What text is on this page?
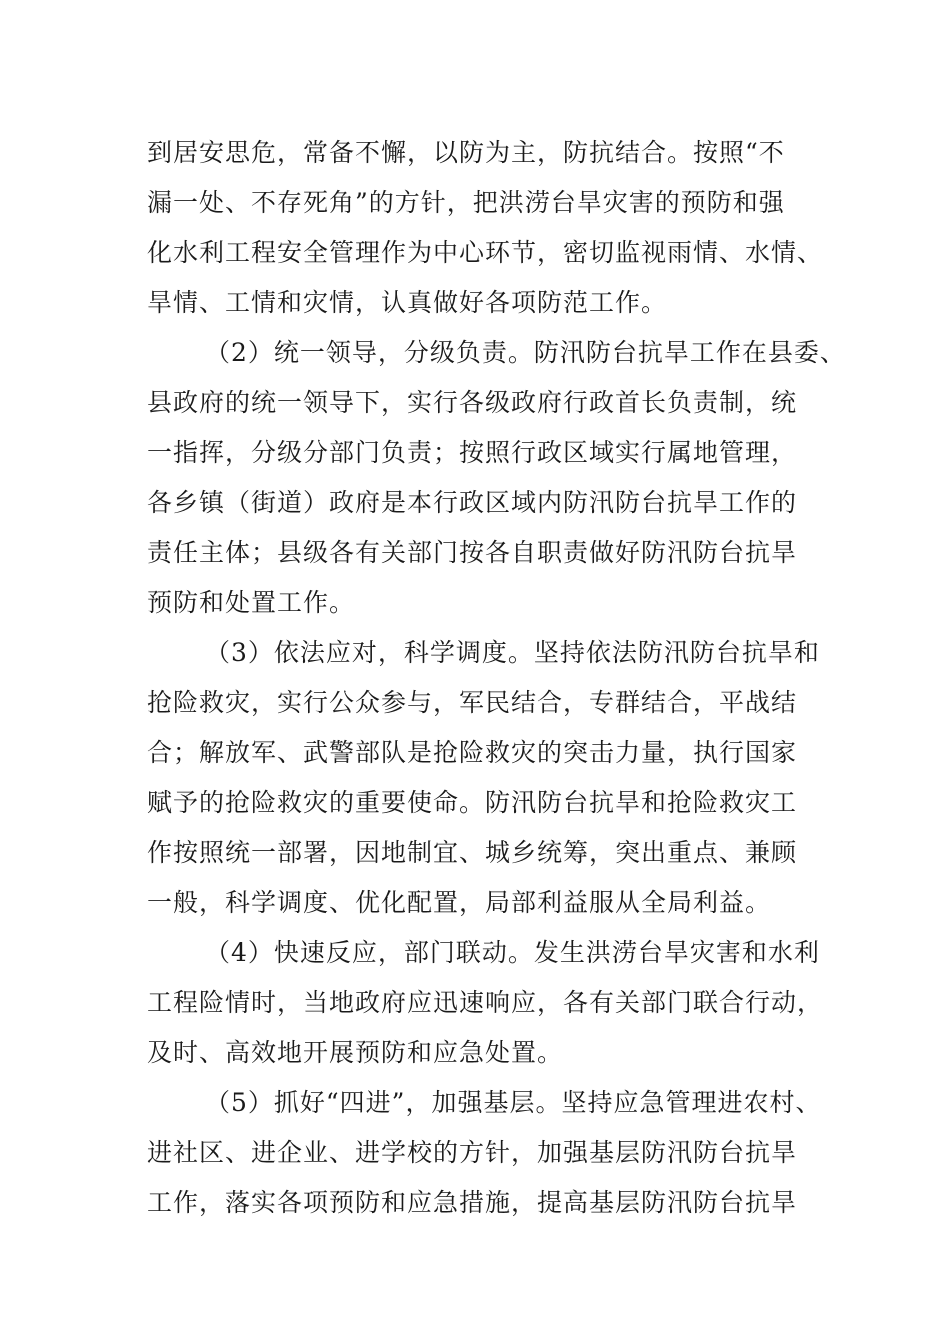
到居安思危，常备不懈，以防为主，防抗结合。按照“不
漏一处、不存死角”的方针，把洪涝台旱灾害的预防和强
化水利工程安全管理作为中心环节，密切监视雨情、水情、
旱情、工情和灾情，认真做好各项防范工作。
（2）统一领导，分级负责。防汛防台抗旱工作在县委、
县政府的统一领导下，实行各级政府行政首长负责制，统
一指挥，分级分部门负责；按照行政区域实行属地管理，
各乡镇（街道）政府是本行政区域内防汛防台抗旱工作的
责任主体；县级各有关部门按各自职责做好防汛防台抗旱
预防和处置工作。
（3）依法应对，科学调度。坚持依法防汛防台抗旱和
抢险救灾，实行公众参与，军民结合，专群结合，平战结
合；解放军、武警部队是抢险救灾的突击力量，执行国家
赋予的抢险救灾的重要使命。防汛防台抗旱和抢险救灾工
作按照统一部署，因地制宜、城乡统筹，突出重点、兼顾
一般，科学调度、优化配置，局部利益服从全局利益。
（4）快速反应，部门联动。发生洪涝台旱灾害和水利
工程险情时，当地政府应迅速响应，各有关部门联合行动，
及时、高效地开展预防和应急处置。
（5）抓好“四进”，加强基层。坚持应急管理进农村、
进社区、进企业、进学校的方针，加强基层防汛防台抗旱
工作，落实各项预防和应急措施，提高基层防汛防台抗旱
